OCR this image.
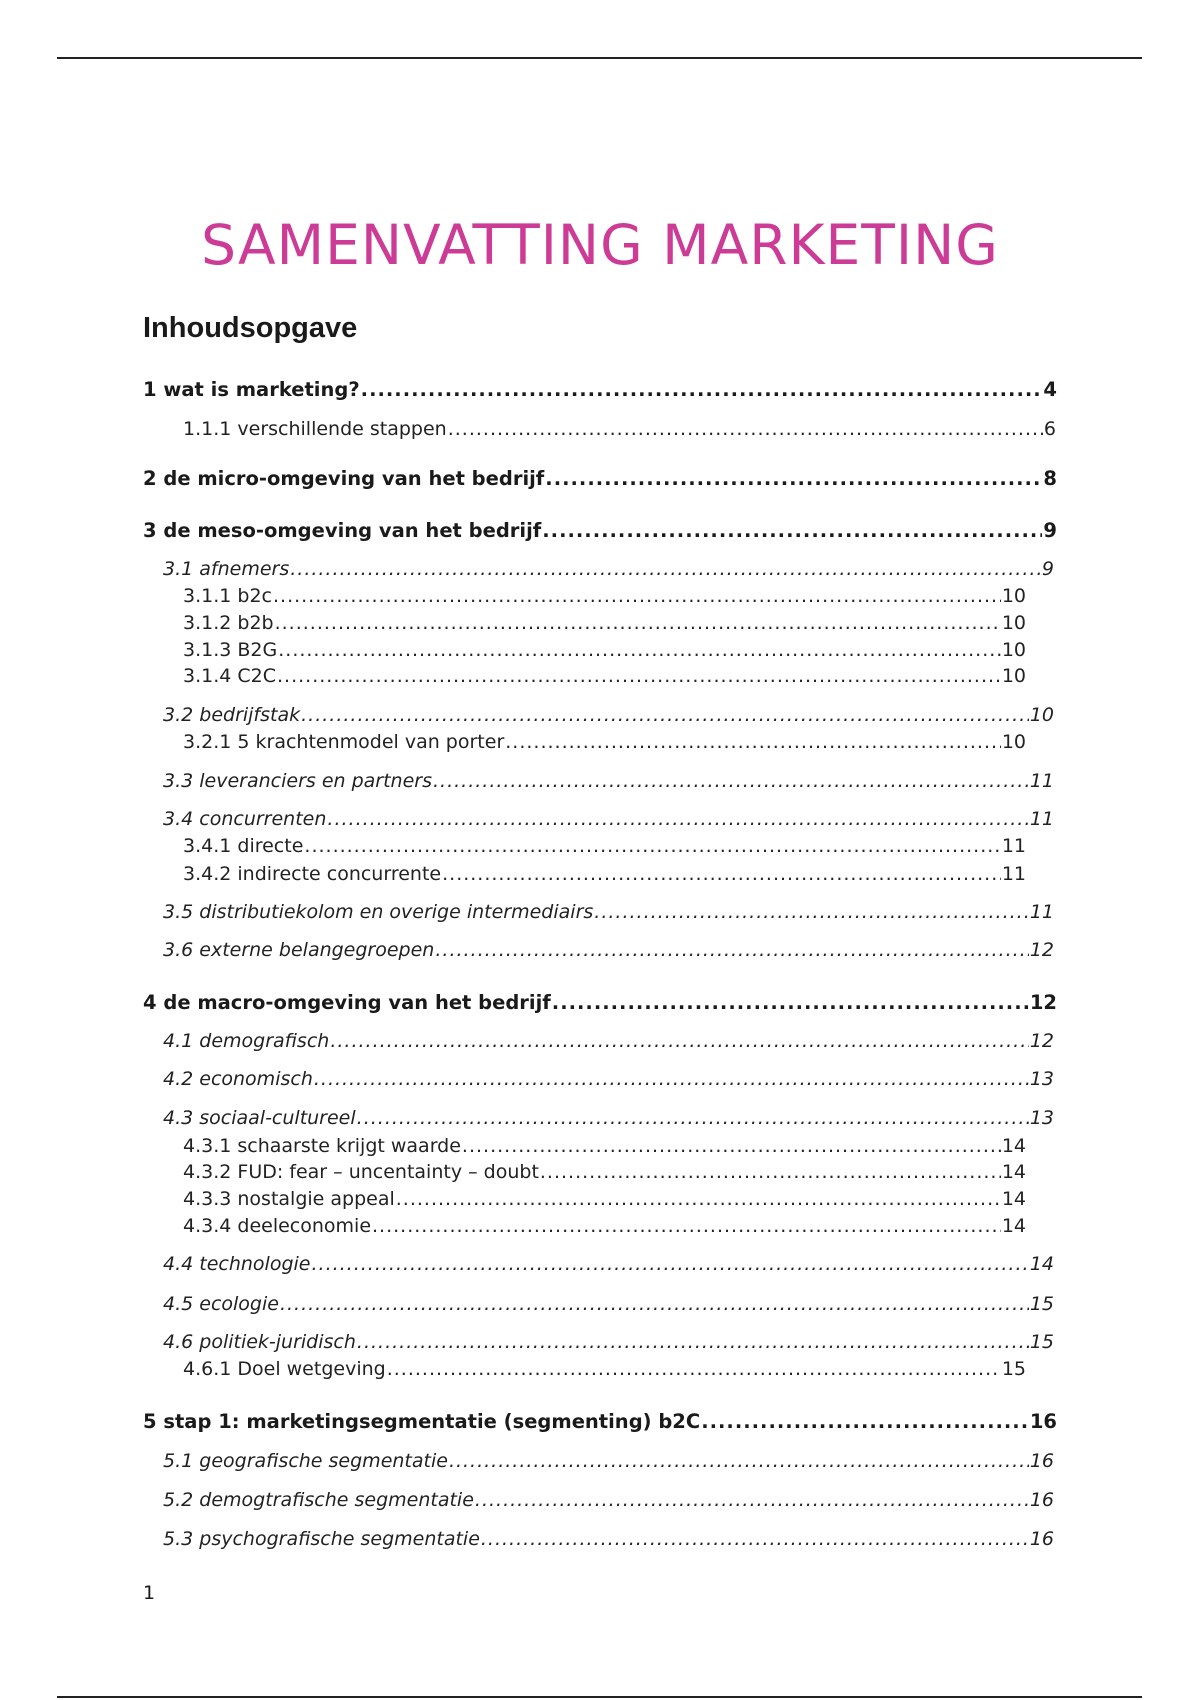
SAMENVATTING MARKETING
Inhoudsopgave
1 wat is marketing? .....	4
1.1.1 verschillende stappen .....	6
2 de micro-omgeving van het bedrijf .....	8
3 de meso-omgeving van het bedrijf .....	9
3.1 afnemers .....	9
3.1.1 b2c .....	10
3.1.2 b2b .....	10
3.1.3 B2G .....	10
3.1.4 C2C .....	10
3.2 bedrijfstak .....	10
3.2.1 5 krachtenmodel van porter .....	10
3.3 leveranciers en partners .....	11
3.4 concurrenten .....	11
3.4.1 directe .....	11
3.4.2 indirecte concurrente .....	11
3.5 distributiekolom en overige intermediairs .....	11
3.6 externe belangegroepen .....	12
4 de macro-omgeving van het bedrijf .....	12
4.1 demografisch .....	12
4.2 economisch .....	13
4.3 sociaal-cultureel .....	13
4.3.1 schaarste krijgt waarde .....	14
4.3.2 FUD: fear – uncentainty – doubt .....	14
4.3.3 nostalgie appeal .....	14
4.3.4 deeleconomie .....	14
4.4 technologie .....	14
4.5 ecologie .....	15
4.6 politiek-juridisch .....	15
4.6.1 Doel wetgeving .....	15
5 stap 1: marketingsegmentatie (segmenting) b2C .....	16
5.1 geografische segmentatie .....	16
5.2 demogtrafische segmentatie .....	16
5.3 psychografische segmentatie .....	16
1
